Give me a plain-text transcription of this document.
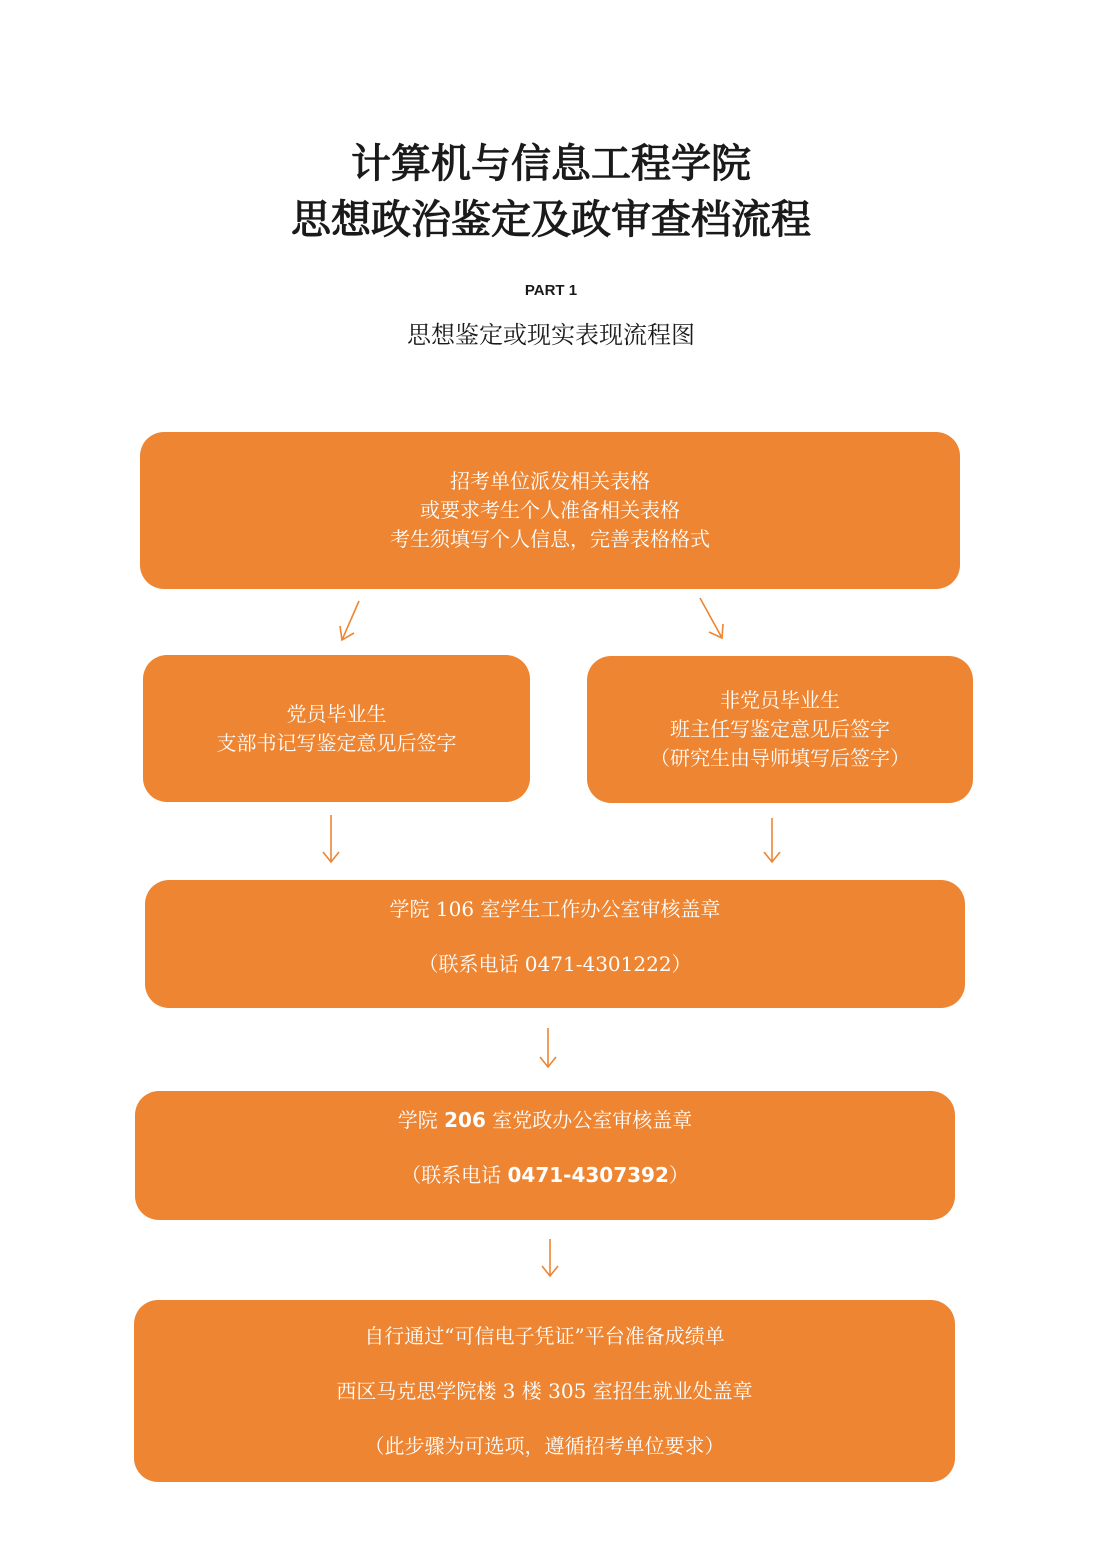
计算机与信息工程学院
思想政治鉴定及政审查档流程
PART 1
思想鉴定或现实表现流程图
招考单位派发相关表格
或要求考生个人准备相关表格
考生须填写个人信息，完善表格格式
党员毕业生
支部书记写鉴定意见后签字
非党员毕业生
班主任写鉴定意见后签字
（研究生由导师填写后签字）
学院 106 室学生工作办公室审核盖章
（联系电话 0471-4301222）
学院 206 室党政办公室审核盖章
（联系电话 0471-4307392）
自行通过“可信电子凭证”平台准备成绩单
西区马克思学院楼 3 楼 305 室招生就业处盖章
（此步骤为可选项，遵循招考单位要求）
